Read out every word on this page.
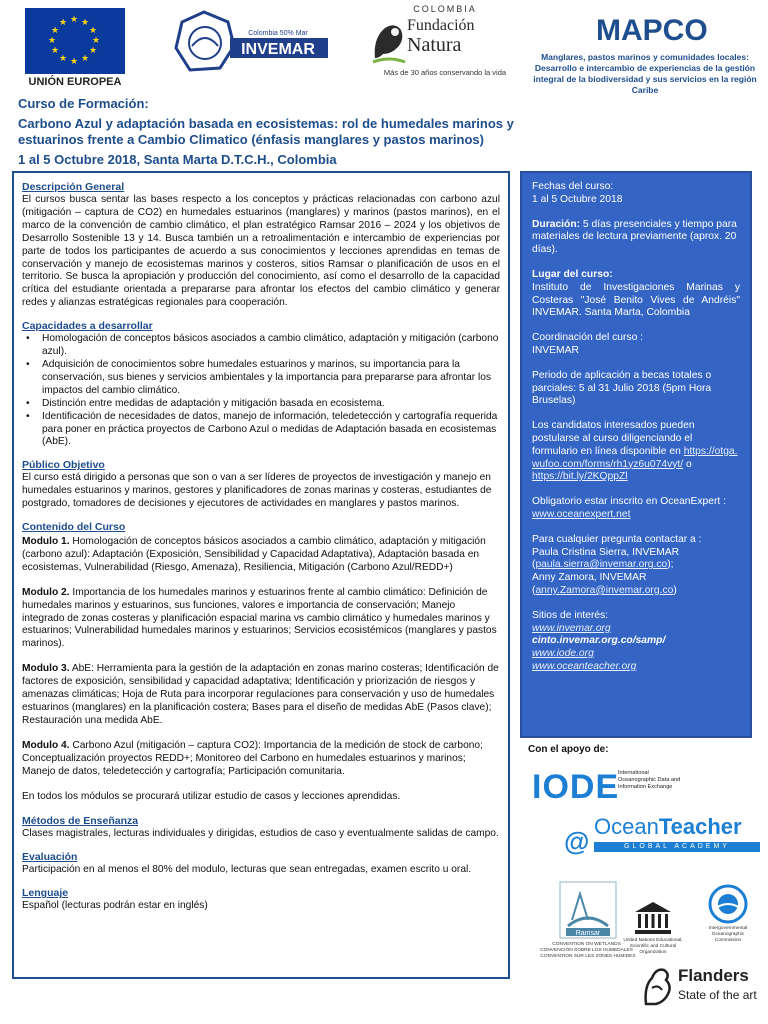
★ ★
★
★
★
★
★
★
★
★
★
★
UNIÓN EUROPEA
Colombia 50% Mar
INVEMAR
COLOMBIA
Fundación
Natura
Más de 30 años conservando la vida
MAPCO
Manglares, pastos marinos y comunidades locales: Desarrollo e intercambio de experiencias de la gestión integral de la biodiversidad y sus servicios en la región Caribe
Curso de Formación:
Carbono Azul y adaptación basada en ecosistemas: rol de humedales marinos y estuarinos frente a Cambio Climatico (énfasis manglares y pastos marinos)
1 al 5 Octubre 2018, Santa Marta D.T.C.H., Colombia
Descripción General
El cursos busca sentar las bases respecto a los conceptos y prácticas relacionadas con carbono azul (mitigación – captura de CO2) en humedales estuarinos (manglares) y marinos (pastos marinos), en el marco de la convención de cambio climático, el plan estratégico Ramsar 2016 – 2024 y los objetivos de Desarrollo Sostenible 13 y 14. Busca también un a retroalimentación e intercambio de experiencias por parte de todos los participantes de acuerdo a sus conocimientos y lecciones aprendidas en temas de conservación y manejo de ecosistemas marinos y costeros, sitios Ramsar o planificación de usos en el territorio. Se busca la apropiación y producción del conocimiento, así como el desarrollo de la capacidad crítica del estudiante orientada a prepararse para afrontar los efectos del cambio climático y generar redes y alianzas estratégicas regionales para cooperación.
Capacidades a desarrollar
• Homologación de conceptos básicos asociados a cambio climático, adaptación y mitigación (carbono azul).
• Adquisición de conocimientos sobre humedales estuarinos y marinos, su importancia para la conservación, sus bienes y servicios ambientales y la importancia para prepararse para afrontar los impactos del cambio climático.
• Distinción entre medidas de adaptación y mitigación basada en ecosistema.
• Identificación de necesidades de datos, manejo de información, teledetección y cartografía requerida para poner en práctica proyectos de Carbono Azul o medidas de Adaptación basada en ecosistemas (AbE).
Público Objetivo
El curso está dirigido a personas que son o van a ser líderes de proyectos de investigación y manejo en humedales estuarinos y marinos, gestores y planificadores de zonas marinas y costeras, estudiantes de postgrado, tomadores de decisiones y ejecutores de actividades en manglares y pastos marinos.
Contenido del Curso
Modulo 1. Homologación de conceptos básicos asociados a cambio climático, adaptación y mitigación (carbono azul): Adaptación (Exposición, Sensibilidad y Capacidad Adaptativa), Adaptación basada en ecosistemas, Vulnerabilidad (Riesgo, Amenaza), Resiliencia, Mitigación (Carbono Azul/REDD+)
Modulo 2. Importancia de los humedales marinos y estuarinos frente al cambio climático: Definición de humedales marinos y estuarinos, sus funciones, valores e importancia de conservación; Manejo integrado de zonas costeras y planificación espacial marina vs cambio climático y humedales marinos y estuarinos; Vulnerabilidad humedales marinos y estuarinos; Servicios ecosistémicos (manglares y pastos marinos).
Modulo 3. AbE: Herramienta para la gestión de la adaptación en zonas marino costeras; Identificación de factores de exposición, sensibilidad y capacidad adaptativa; Identificación y priorización de riesgos y amenazas climáticas; Hoja de Ruta para incorporar regulaciones para conservación y uso de humedales estuarinos (manglares) en la planificación costera; Bases para el diseño de medidas AbE (Pasos clave); Restauración una medida AbE.
Modulo 4. Carbono Azul (mitigación – captura CO2): Importancia de la medición de stock de carbono; Conceptualización proyectos REDD+; Monitoreo del Carbono en humedales estuarinos y marinos; Manejo de datos, teledetección y cartografía; Participación comunitaria.
En todos los módulos se procurará utilizar estudio de casos y lecciones aprendidas.
Métodos de Enseñanza
Clases magistrales, lecturas individuales y dirigidas, estudios de caso y eventualmente salidas de campo.
Evaluación
Participación en al menos el 80% del modulo, lecturas que sean entregadas, examen escrito u oral.
Lenguaje
Español (lecturas podrán estar en inglés)
Fechas del curso:
1 al 5 Octubre 2018
Duración: 5 días presenciales y tiempo para materiales de lectura previamente (aprox. 20 días).
Lugar del curso:
Instituto de Investigaciones Marinas y Costeras "José Benito Vives de Andréis" INVEMAR. Santa Marta, Colombia
Coordinación del curso :
INVEMAR
Periodo de aplicación a becas totales o parciales: 5 al 31 Julio 2018 (5pm Hora Bruselas)
Los candidatos interesados pueden postularse al curso diligenciando el formulario en línea disponible en https://otga.wufoo.com/forms/rh1yz6u074vyt/ o https://bit.ly/2KQppZl
Obligatorio estar inscrito en OceanExpert :
www.oceanexpert.net
Para cualquier pregunta contactar a :
Paula Cristina Sierra, INVEMAR
(paula.sierra@invemar.org.co);
Anny Zamora, INVEMAR
(anny.Zamora@invemar.org.co)
Sitios de interés:
www.invemar.org
cinto.invemar.org.co/samp/
www.iode.org
www.oceanteacher.org
Con el apoyo de:
IODE
International Oceanographic Data and Information Exchange
@ OceanTeacher
GLOBAL ACADEMY
Ramsar
CONVENTION ON WETLANDS · CONVENCIÓN SOBRE LOS HUMEDALES · CONVENTION SUR LES ZONES HUMIDES
United Nations Educational, Scientific and Cultural Organization
Intergovernmental Oceanographic Commission
Flanders
State of the art
